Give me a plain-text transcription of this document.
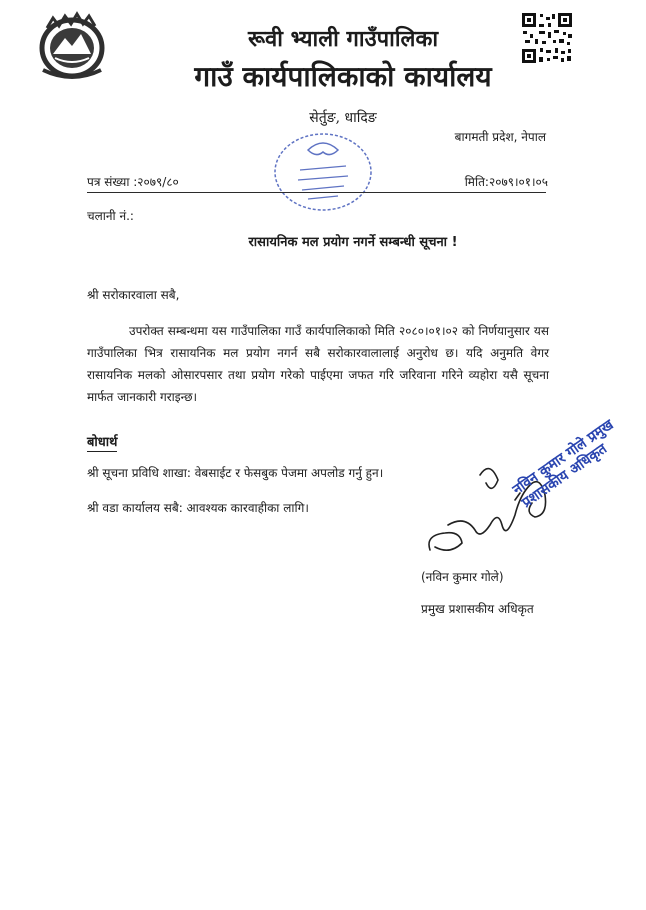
रूवी भ्याली गाउँपालिका
गाउँ कार्यपालिकाको कार्यालय
सेर्तुङ, धादिङ
बागमती प्रदेश, नेपाल
पत्र संख्या :२०७९/८०	मिति:२०७९।०१।०५
चलानी नं.:
रासायनिक मल प्रयोग नगर्ने सम्बन्धी सूचना !
श्री सरोकारवाला सबै,
उपरोक्त सम्बन्धमा यस गाउँपालिका गाउँ कार्यपालिकाको मिति २०८०।०१।०२ को निर्णयानुसार यस गाउँपालिका भित्र रासायनिक मल प्रयोग नगर्न सबै सरोकारवालालाई अनुरोध छ। यदि अनुमति वेगर रासायनिक मलको ओसारपसार तथा प्रयोग गरेको पाईएमा जफत गरि जरिवाना गरिने व्यहोरा यसै सूचना मार्फत जानकारी गराइन्छ।
बोधार्थ
श्री सूचना प्रविधि शाखा: वेबसाईट र फेसबुक पेजमा अपलोड गर्नु हुन।
श्री वडा कार्यालय सबै: आवश्यक कारवाहीका लागि।
नविन कुमार गोले प्रमुख प्रशासकीय अधिकृत
(नविन कुमार गोले)
प्रमुख प्रशासकीय अधिकृत
